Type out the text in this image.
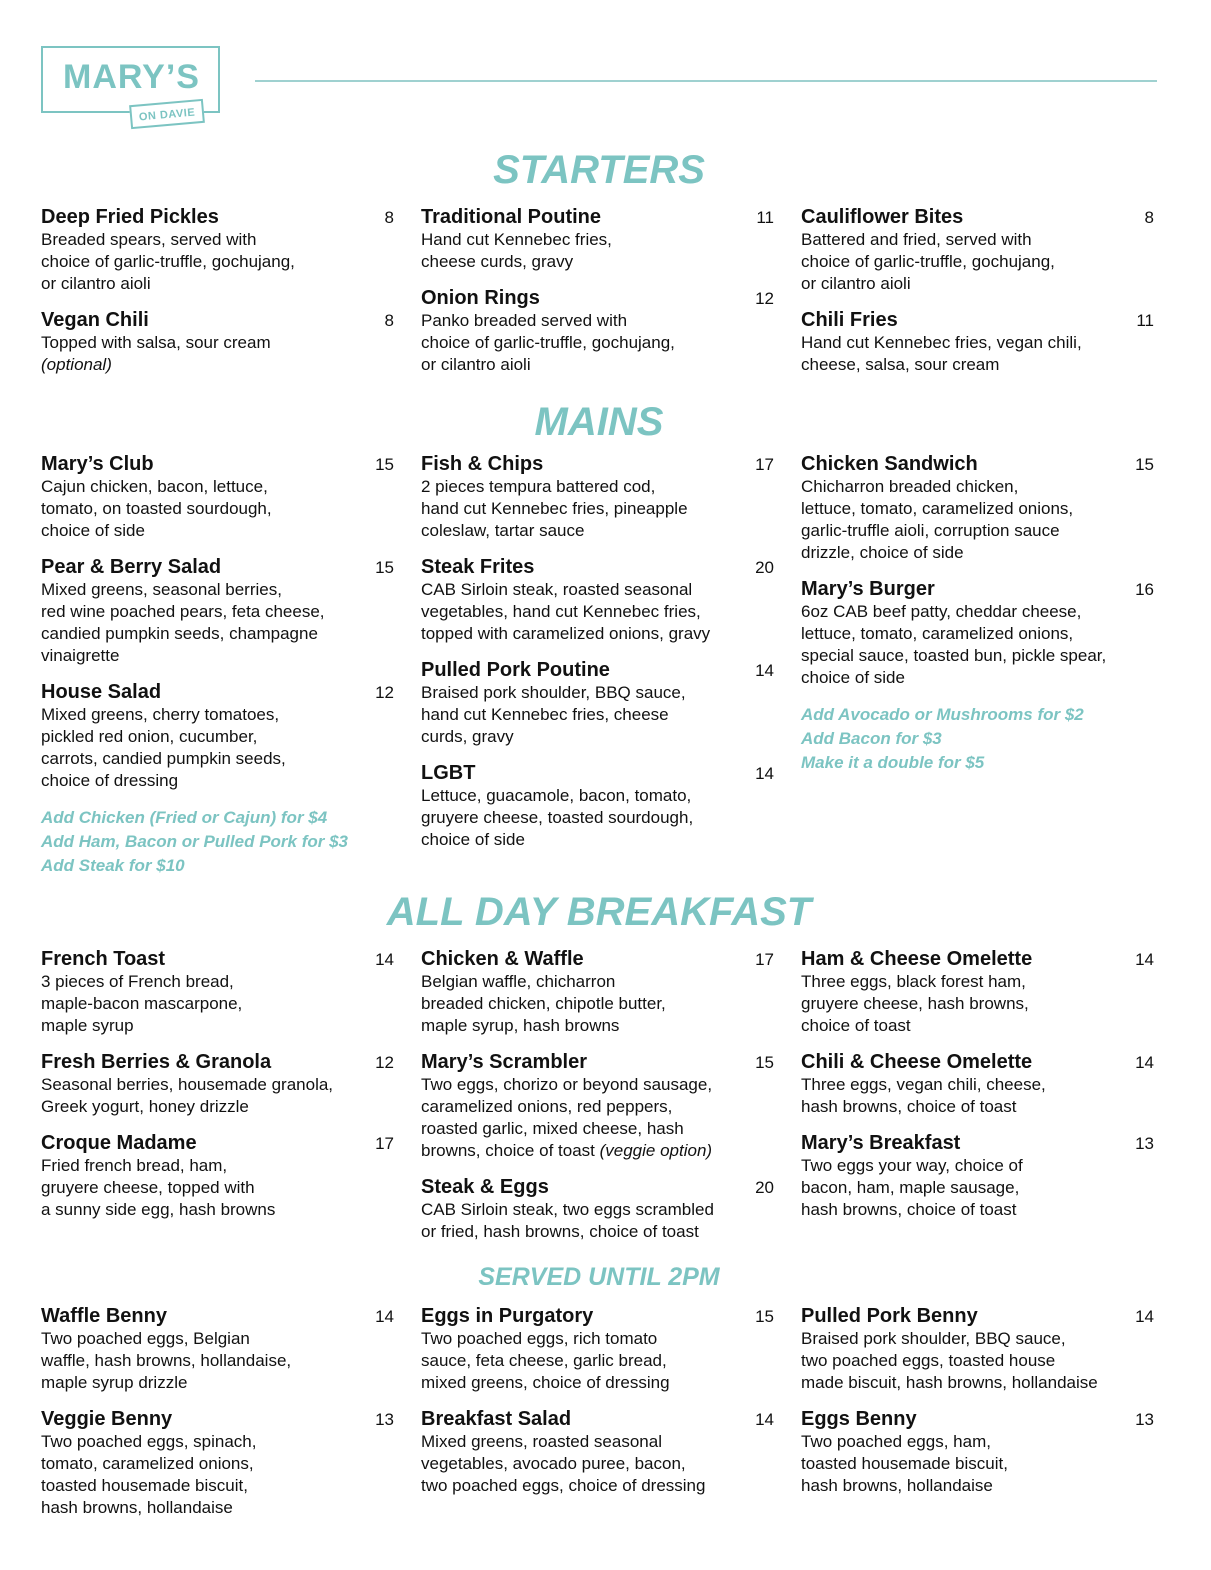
MARY’S
ON DAVIE
STARTERS
MAINS
ALL DAY BREAKFAST
SERVED UNTIL 2PM
Deep Fried Pickles	8
Breaded spears, served with
choice of garlic-truffle, gochujang,
or cilantro aioli
Vegan Chili	8
Topped with salsa, sour cream
(optional)
Traditional Poutine	11
Hand cut Kennebec fries,
cheese curds, gravy
Onion Rings	12
Panko breaded served with
choice of garlic-truffle, gochujang,
or cilantro aioli
Cauliflower Bites	8
Battered and fried, served with
choice of garlic-truffle, gochujang,
or cilantro aioli
Chili Fries	11
Hand cut Kennebec fries, vegan chili,
cheese, salsa, sour cream
Mary’s Club	15
Cajun chicken, bacon, lettuce,
tomato, on toasted sourdough,
choice of side
Pear & Berry Salad	15
Mixed greens, seasonal berries,
red wine poached pears, feta cheese,
candied pumpkin seeds, champagne
vinaigrette
House Salad	12
Mixed greens, cherry tomatoes,
pickled red onion, cucumber,
carrots, candied pumpkin seeds,
choice of dressing
Add Chicken (Fried or Cajun) for $4
Add Ham, Bacon or Pulled Pork for $3
Add Steak for $10
Fish & Chips	17
2 pieces tempura battered cod,
hand cut Kennebec fries, pineapple
coleslaw, tartar sauce
Steak Frites	20
CAB Sirloin steak, roasted seasonal
vegetables, hand cut Kennebec fries,
topped with caramelized onions, gravy
Pulled Pork Poutine	14
Braised pork shoulder, BBQ sauce,
hand cut Kennebec fries, cheese
curds, gravy
LGBT	14
Lettuce, guacamole, bacon, tomato,
gruyere cheese, toasted sourdough,
choice of side
Chicken Sandwich	15
Chicharron breaded chicken,
lettuce, tomato, caramelized onions,
garlic-truffle aioli, corruption sauce
drizzle, choice of side
Mary’s Burger	16
6oz CAB beef patty, cheddar cheese,
lettuce, tomato, caramelized onions,
special sauce, toasted bun, pickle spear,
choice of side
Add Avocado or Mushrooms for $2
Add Bacon for $3
Make it a double for $5
French Toast	14
3 pieces of French bread,
maple-bacon mascarpone,
maple syrup
Fresh Berries & Granola	12
Seasonal berries, housemade granola,
Greek yogurt, honey drizzle
Croque Madame	17
Fried french bread, ham,
gruyere cheese, topped with
a sunny side egg, hash browns
Chicken & Waffle	17
Belgian waffle, chicharron
breaded chicken, chipotle butter,
maple syrup, hash browns
Mary’s Scrambler	15
Two eggs, chorizo or beyond sausage,
caramelized onions, red peppers,
roasted garlic, mixed cheese, hash
browns, choice of toast (veggie option)
Steak & Eggs	20
CAB Sirloin steak, two eggs scrambled
or fried, hash browns, choice of toast
Ham & Cheese Omelette	14
Three eggs, black forest ham,
gruyere cheese, hash browns,
choice of toast
Chili & Cheese Omelette	14
Three eggs, vegan chili, cheese,
hash browns, choice of toast
Mary’s Breakfast	13
Two eggs your way, choice of
bacon, ham, maple sausage,
hash browns, choice of toast
Waffle Benny	14
Two poached eggs, Belgian
waffle, hash browns, hollandaise,
maple syrup drizzle
Veggie Benny	13
Two poached eggs, spinach,
tomato, caramelized onions,
toasted housemade biscuit,
hash browns, hollandaise
Eggs in Purgatory	15
Two poached eggs, rich tomato
sauce, feta cheese, garlic bread,
mixed greens, choice of dressing
Breakfast Salad	14
Mixed greens, roasted seasonal
vegetables, avocado puree, bacon,
two poached eggs, choice of dressing
Pulled Pork Benny	14
Braised pork shoulder, BBQ sauce,
two poached eggs, toasted house
made biscuit, hash browns, hollandaise
Eggs Benny	13
Two poached eggs, ham,
toasted housemade biscuit,
hash browns, hollandaise
